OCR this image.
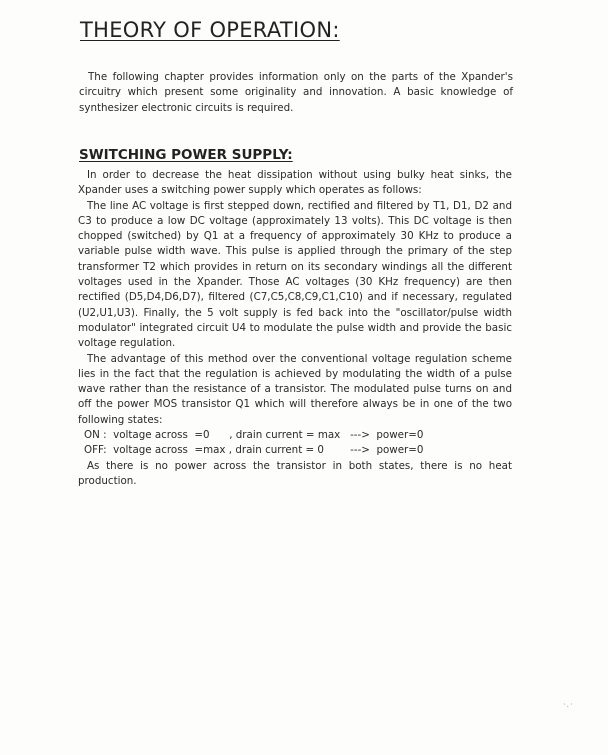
THEORY OF OPERATION:

The following chapter provides information only on the parts of the Xpander's circuitry which present some originality and innovation. A basic knowledge of synthesizer electronic circuits is required.

SWITCHING POWER SUPPLY:

In order to decrease the heat dissipation without using bulky heat sinks, the Xpander uses a switching power supply which operates as follows:

The line AC voltage is first stepped down, rectified and filtered by T1, D1, D2 and C3 to produce a low DC voltage (approximately 13 volts). This DC voltage is then chopped (switched) by Q1 at a frequency of approximately 30 KHz to produce a variable pulse width wave. This pulse is applied through the primary of the step transformer T2 which provides in return on its secondary windings all the different voltages used in the Xpander. Those AC voltages (30 KHz frequency) are then rectified (D5,D4,D6,D7), filtered (C7,C5,C8,C9,C1,C10) and if necessary, regulated (U2,U1,U3). Finally, the 5 volt supply is fed back into the "oscillator/pulse width modulator" integrated circuit U4 to modulate the pulse width and provide the basic voltage regulation.

The advantage of this method over the conventional voltage regulation scheme lies in the fact that the regulation is achieved by modulating the width of a pulse wave rather than the resistance of a transistor. The modulated pulse turns on and off the power MOS transistor Q1 which will therefore always be in one of the two following states:

ON :  voltage across  =0      , drain current = max   --->  power=0

OFF:  voltage across  =max , drain current = 0        --->  power=0

As there is no power across the transistor in both states, there is no heat production.

·.·
